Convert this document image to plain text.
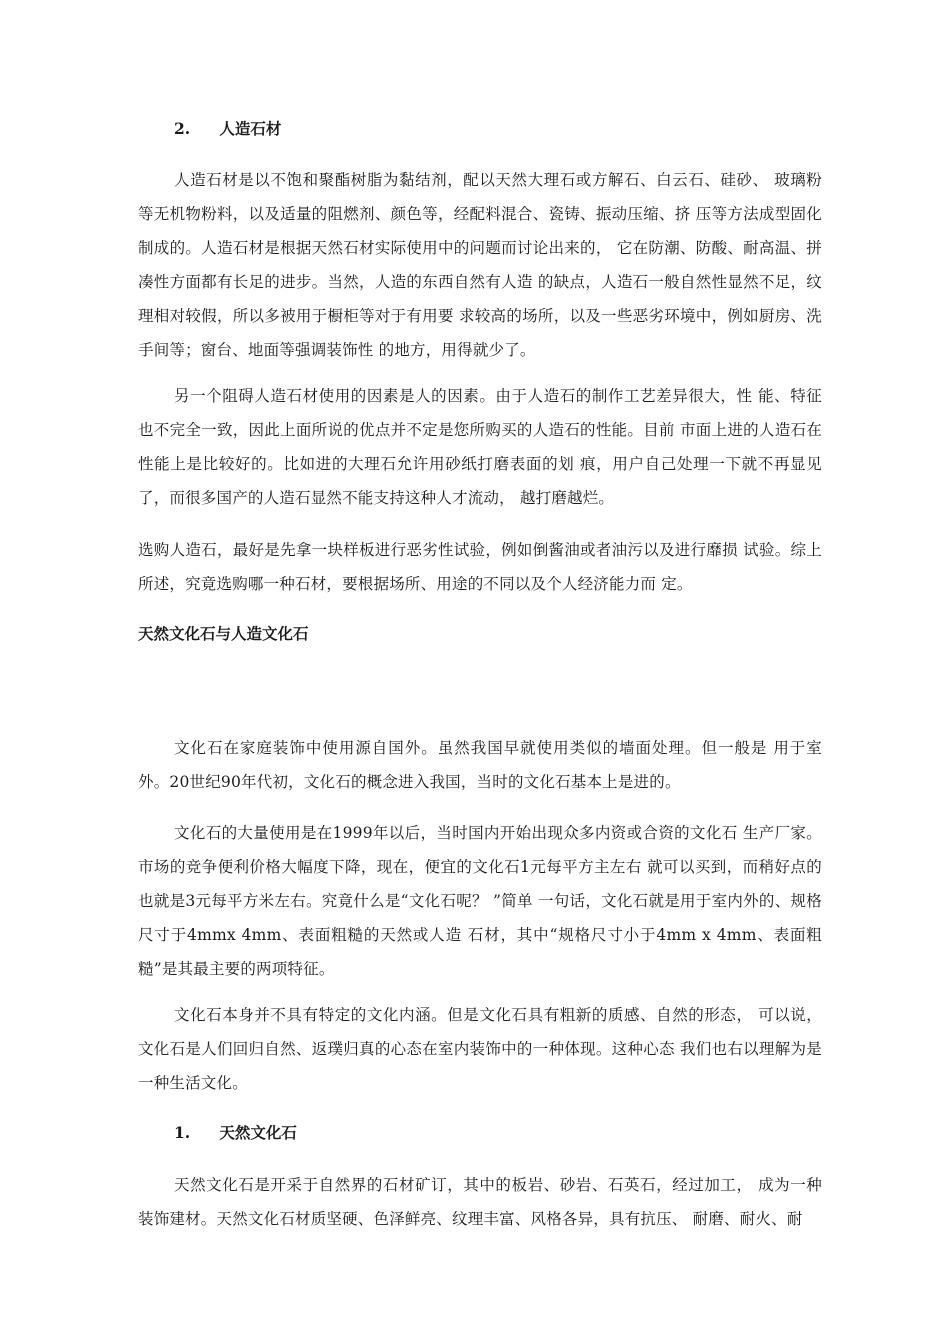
2. 人造石材

人造石材是以不饱和聚酯树脂为黏结剂，配以天然大理石或方解石、白云石、硅砂、 玻璃粉等无机物粉料，以及适量的阻燃剂、颜色等，经配料混合、瓷铸、振动压缩、挤 压等方法成型固化制成的。人造石材是根据天然石材实际使用中的问题而讨论出来的， 它在防潮、防酸、耐高温、拼凑性方面都有长足的进步。当然，人造的东西自然有人造 的缺点，人造石一般自然性显然不足，纹理相对较假，所以多被用于橱柜等对于有用要 求较高的场所，以及一些恶劣环境中，例如厨房、洗手间等；窗台、地面等强调装饰性 的地方，用得就少了。

另一个阻碍人造石材使用的因素是人的因素。由于人造石的制作工艺差异很大，性 能、特征也不完全一致，因此上面所说的优点并不定是您所购买的人造石的性能。目前 市面上进的人造石在性能上是比较好的。比如进的大理石允许用砂纸打磨表面的划 痕，用户自己处理一下就不再显见了，而很多国产的人造石显然不能支持这种人才流动， 越打磨越烂。

选购人造石，最好是先拿一块样板进行恶劣性试验，例如倒酱油或者油污以及进行靡损 试验。综上所述，究竟选购哪一种石材，要根据场所、用途的不同以及个人经济能力而 定。

天然文化石与人造文化石

文化石在家庭装饰中使用源自国外。虽然我国早就使用类似的墙面处理。但一般是 用于室外。20世纪90年代初，文化石的概念进入我国，当时的文化石基本上是进的。

文化石的大量使用是在1999年以后，当时国内开始出现众多内资或合资的文化石 生产厂家。市场的竞争便利价格大幅度下降，现在，便宜的文化石1元每平方主左右 就可以买到，而稍好点的也就是3元每平方米左右。究竟什么是“文化石呢？ ”简单 一句话，文化石就是用于室内外的、规格尺寸于4mmx 4mm、表面粗糙的天然或人造 石材，其中“规格尺寸小于4mm x 4mm、表面粗糙”是其最主要的两项特征。

文化石本身并不具有特定的文化内涵。但是文化石具有粗新的质感、自然的形态， 可以说，文化石是人们回归自然、返璞归真的心态在室内装饰中的一种体现。这种心态 我们也右以理解为是一种生活文化。

1. 天然文化石

天然文化石是开采于自然界的石材矿订，其中的板岩、砂岩、石英石，经过加工， 成为一种装饰建材。天然文化石材质坚硬、色泽鲜亮、纹理丰富、风格各异，具有抗压、 耐磨、耐火、耐
